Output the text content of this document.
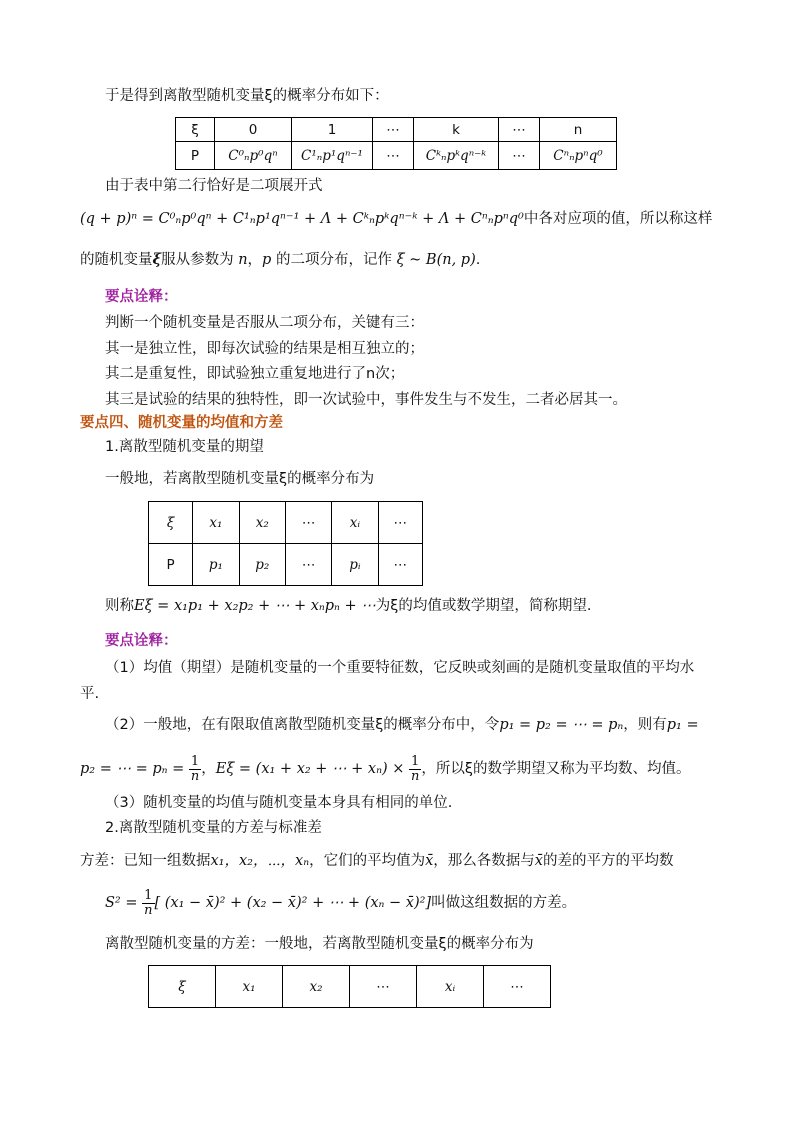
于是得到离散型随机变量ξ的概率分布如下：
ξ	0	1	⋯	k	⋯	n
P	C⁰ₙp⁰qⁿ	C¹ₙp¹qⁿ⁻¹	⋯	Cᵏₙpᵏqⁿ⁻ᵏ	⋯	Cⁿₙpⁿq⁰
由于表中第二行恰好是二项展开式
(q + p)ⁿ = C⁰ₙp⁰qⁿ + C¹ₙp¹qⁿ⁻¹ + Λ + Cᵏₙpᵏqⁿ⁻ᵏ + Λ + Cⁿₙpⁿq⁰中各对应项的值，所以称这样
的随机变量ξ服从参数为 n，p 的二项分布，记作 ξ ~ B(n, p).
要点诠释：
判断一个随机变量是否服从二项分布，关键有三：
其一是独立性，即每次试验的结果是相互独立的；
其二是重复性，即试验独立重复地进行了n次；
其三是试验的结果的独特性，即一次试验中，事件发生与不发生，二者必居其一。
要点四、随机变量的均值和方差
1.离散型随机变量的期望
一般地，若离散型随机变量ξ的概率分布为
ξ	x₁	x₂	⋯	xᵢ	⋯
P	p₁	p₂	⋯	pᵢ	⋯
则称Eξ = x₁p₁ + x₂p₂ + ⋯ + xₙpₙ + ⋯为ξ的均值或数学期望，简称期望.
要点诠释：
（1）均值（期望）是随机变量的一个重要特征数，它反映或刻画的是随机变量取值的平均水
平.
（2）一般地，在有限取值离散型随机变量ξ的概率分布中，令p₁ = p₂ = ⋯ = pₙ，则有p₁ =
p₂ = ⋯ = $p_n = \frac{1}{n}$ ，Eξ = (x₁ + x₂ + ⋯ + $x_n) \times \frac{1}{n}$ ，所以ξ的数学期望又称为平均数、均值。
（3）随机变量的均值与随机变量本身具有相同的单位.
2.离散型随机变量的方差与标准差
方差：已知一组数据x₁，x₂，⋯，xₙ，它们的平均值为x̄，那么各数据与x̄的差的平方的平均数
$S^2 = \frac{1}{n}$ [ (x₁ − x̄)² + (x₂ − x̄)² + ⋯ + (xₙ − x̄)²]叫做这组数据的方差。
离散型随机变量的方差：一般地，若离散型随机变量ξ的概率分布为
ξ	x₁	x₂	⋯	xᵢ	⋯
